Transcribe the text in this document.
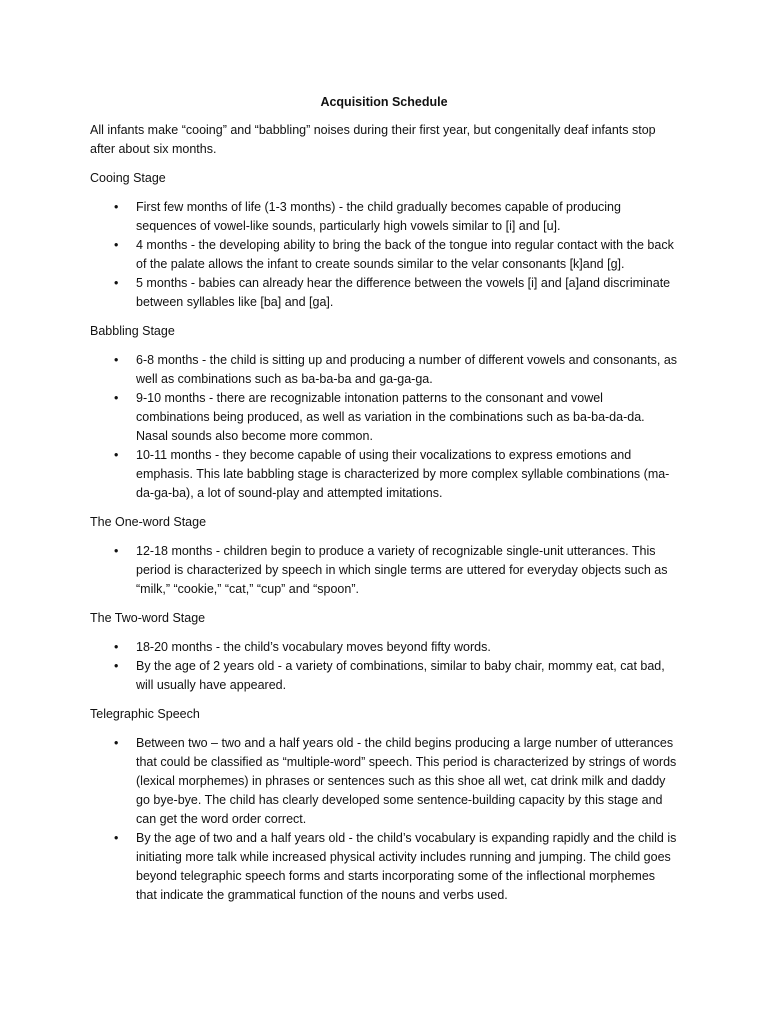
Acquisition Schedule

All infants make “cooing” and “babbling” noises during their first year, but congenitally deaf infants stop after about six months.

Cooing Stage
• First few months of life (1-3 months) - the child gradually becomes capable of producing sequences of vowel-like sounds, particularly high vowels similar to [i] and [u].
• 4 months - the developing ability to bring the back of the tongue into regular contact with the back of the palate allows the infant to create sounds similar to the velar consonants [k]and [g].
• 5 months - babies can already hear the difference between the vowels [i] and [a]and discriminate between syllables like [ba] and [ga].
Babbling Stage
• 6-8 months - the child is sitting up and producing a number of different vowels and consonants, as well as combinations such as ba-ba-ba and ga-ga-ga.
• 9-10 months - there are recognizable intonation patterns to the consonant and vowel combinations being produced, as well as variation in the combinations such as ba-ba-da-da. Nasal sounds also become more common.
• 10-11 months - they become capable of using their vocalizations to express emotions and emphasis. This late babbling stage is characterized by more complex syllable combinations (ma-da-ga-ba), a lot of sound-play and attempted imitations.
The One-word Stage
• 12-18 months - children begin to produce a variety of recognizable single-unit utterances. This period is characterized by speech in which single terms are uttered for everyday objects such as “milk,” “cookie,” “cat,” “cup” and “spoon”.
The Two-word Stage
• 18-20 months - the child’s vocabulary moves beyond fifty words.
• By the age of 2 years old - a variety of combinations, similar to baby chair, mommy eat, cat bad, will usually have appeared.
Telegraphic Speech
• Between two – two and a half years old - the child begins producing a large number of utterances that could be classified as “multiple-word” speech. This period is characterized by strings of words (lexical morphemes) in phrases or sentences such as this shoe all wet, cat drink milk and daddy go bye-bye. The child has clearly developed some sentence-building capacity by this stage and can get the word order correct.
• By the age of two and a half years old - the child’s vocabulary is expanding rapidly and the child is initiating more talk while increased physical activity includes running and jumping. The child goes beyond telegraphic speech forms and starts incorporating some of the inflectional morphemes that indicate the grammatical function of the nouns and verbs used.
